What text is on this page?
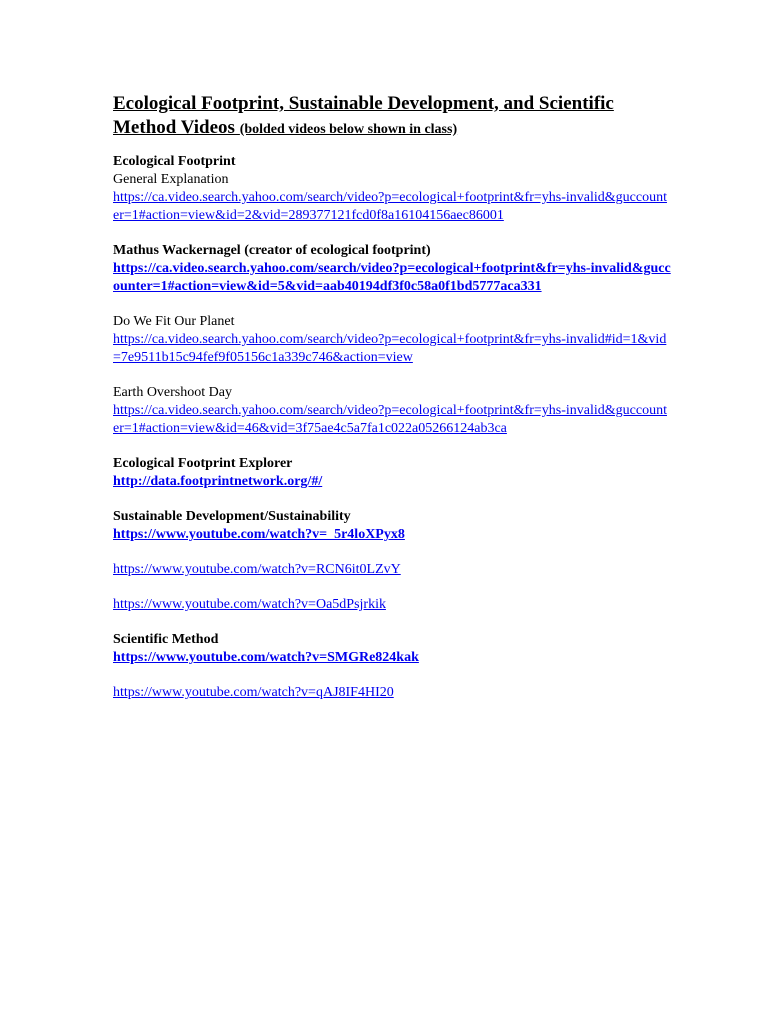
Ecological Footprint, Sustainable Development, and Scientific Method Videos (bolded videos below shown in class)
Ecological Footprint
General Explanation
https://ca.video.search.yahoo.com/search/video?p=ecological+footprint&fr=yhs-invalid&guccounter=1#action=view&id=2&vid=289377121fcd0f8a16104156aec86001
Mathus Wackernagel (creator of ecological footprint)
https://ca.video.search.yahoo.com/search/video?p=ecological+footprint&fr=yhs-invalid&guccounter=1#action=view&id=5&vid=aab40194df3f0c58a0f1bd5777aca331
Do We Fit Our Planet
https://ca.video.search.yahoo.com/search/video?p=ecological+footprint&fr=yhs-invalid#id=1&vid=7e9511b15c94fef9f05156c1a339c746&action=view
Earth Overshoot Day
https://ca.video.search.yahoo.com/search/video?p=ecological+footprint&fr=yhs-invalid&guccounter=1#action=view&id=46&vid=3f75ae4c5a7fa1c022a05266124ab3ca
Ecological Footprint Explorer
http://data.footprintnetwork.org/#/
Sustainable Development/Sustainability
https://www.youtube.com/watch?v=_5r4loXPyx8
https://www.youtube.com/watch?v=RCN6it0LZvY
https://www.youtube.com/watch?v=Oa5dPsjrkik
Scientific Method
https://www.youtube.com/watch?v=SMGRe824kak
https://www.youtube.com/watch?v=qAJ8IF4HI20
